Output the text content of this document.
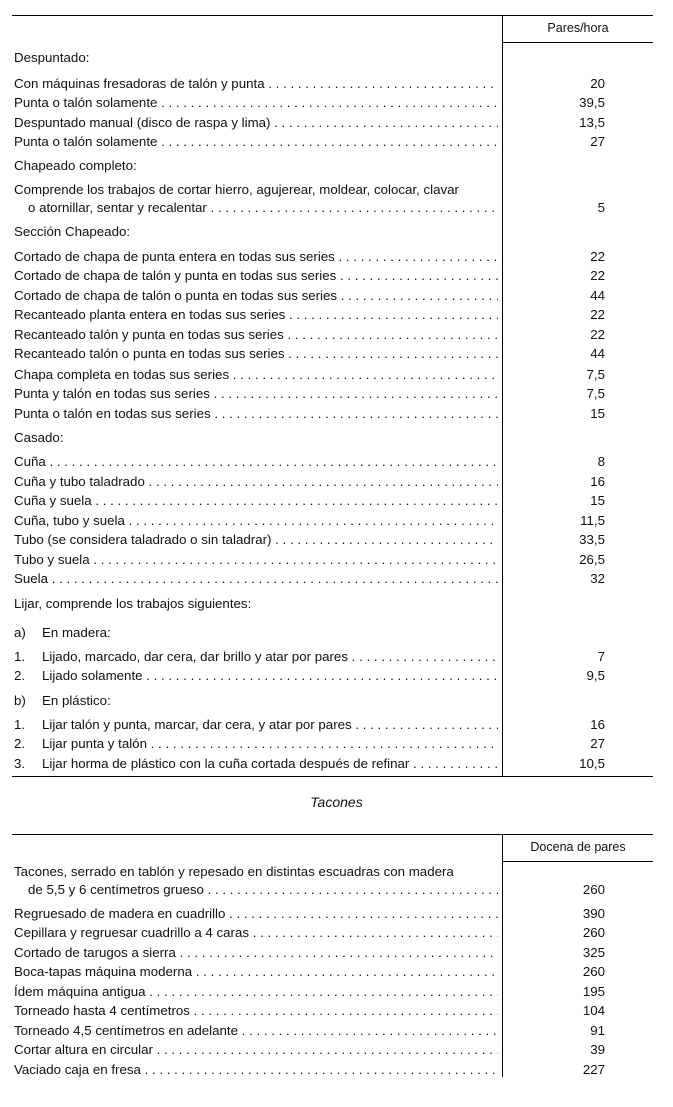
Pares/hora
Despuntado:
Con máquinas fresadoras de talón y punta . . .	20
Punta o talón solamente . . .	39,5
Despuntado manual (disco de raspa y lima) . . .	13,5
Punta o talón solamente . . .	27
Chapeado completo:
Comprende los trabajos de cortar hierro, agujerear, moldear, colocar, clavar
o atornillar, sentar y recalentar . . .	5
Sección Chapeado:
Cortado de chapa de punta entera en todas sus series . . .	22
Cortado de chapa de talón y punta en todas sus series . . .	22
Cortado de chapa de talón o punta en todas sus series . . .	44
Recanteado planta entera en todas sus series . . .	22
Recanteado talón y punta en todas sus series . . .	22
Recanteado talón o punta en todas sus series . . .	44
Chapa completa en todas sus series . . .	7,5
Punta y talón en todas sus series . . .	7,5
Punta o talón en todas sus series . . .	15
Casado:
Cuña . . .	8
Cuña y tubo taladrado . . .	16
Cuña y suela . . .	15
Cuña, tubo y suela . . .	11,5
Tubo (se considera taladrado o sin taladrar) . . .	33,5
Tubo y suela . . .	26,5
Suela . . .	32
Lijar, comprende los trabajos siguientes:
a) En madera:
1. Lijado, marcado, dar cera, dar brillo y atar por pares . . .	7
2. Lijado solamente . . .	9,5
b) En plástico:
1. Lijar talón y punta, marcar, dar cera, y atar por pares . . .	16
2. Lijar punta y talón . . .	27
3. Lijar horma de plástico con la cuña cortada después de refinar . . .	10,5
Tacones
Docena de pares
Tacones, serrado en tablón y repesado en distintas escuadras con madera
de 5,5 y 6 centímetros grueso . . .	260
Regruesado de madera en cuadrillo . . .	390
Cepillara y regruesar cuadrillo a 4 caras . . .	260
Cortado de tarugos a sierra . . .	325
Boca-tapas máquina moderna . . .	260
Ídem máquina antigua . . .	195
Torneado hasta 4 centímetros . . .	104
Torneado 4,5 centímetros en adelante . . .	91
Cortar altura en circular . . .	39
Vaciado caja en fresa . . .	227
